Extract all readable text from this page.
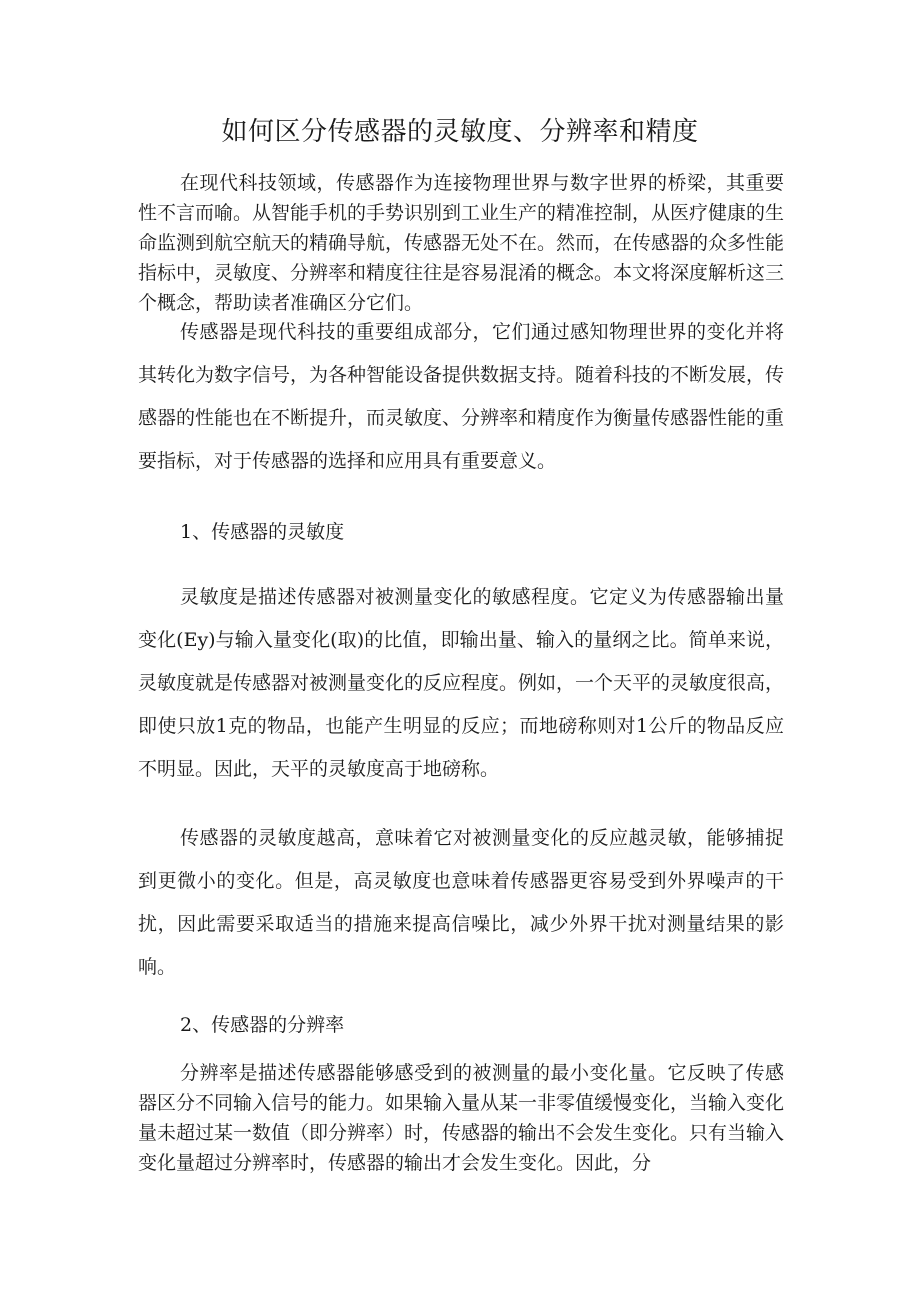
如何区分传感器的灵敏度、分辨率和精度

在现代科技领域，传感器作为连接物理世界与数字世界的桥梁，其重要性不言而喻。从智能手机的手势识别到工业生产的精准控制，从医疗健康的生命监测到航空航天的精确导航，传感器无处不在。然而，在传感器的众多性能指标中，灵敏度、分辨率和精度往往是容易混淆的概念。本文将深度解析这三个概念，帮助读者准确区分它们。

传感器是现代科技的重要组成部分，它们通过感知物理世界的变化并将其转化为数字信号，为各种智能设备提供数据支持。随着科技的不断发展，传感器的性能也在不断提升，而灵敏度、分辨率和精度作为衡量传感器性能的重要指标，对于传感器的选择和应用具有重要意义。

1、传感器的灵敏度

灵敏度是描述传感器对被测量变化的敏感程度。它定义为传感器输出量变化(Ey)与输入量变化(取)的比值，即输出量、输入的量纲之比。简单来说，灵敏度就是传感器对被测量变化的反应程度。例如，一个天平的灵敏度很高，即使只放1克的物品，也能产生明显的反应；而地磅称则对1公斤的物品反应不明显。因此，天平的灵敏度高于地磅称。

传感器的灵敏度越高，意味着它对被测量变化的反应越灵敏，能够捕捉到更微小的变化。但是，高灵敏度也意味着传感器更容易受到外界噪声的干扰，因此需要采取适当的措施来提高信噪比，减少外界干扰对测量结果的影响。

2、传感器的分辨率

分辨率是描述传感器能够感受到的被测量的最小变化量。它反映了传感器区分不同输入信号的能力。如果输入量从某一非零值缓慢变化，当输入变化量未超过某一数值（即分辨率）时，传感器的输出不会发生变化。只有当输入变化量超过分辨率时，传感器的输出才会发生变化。因此，分
